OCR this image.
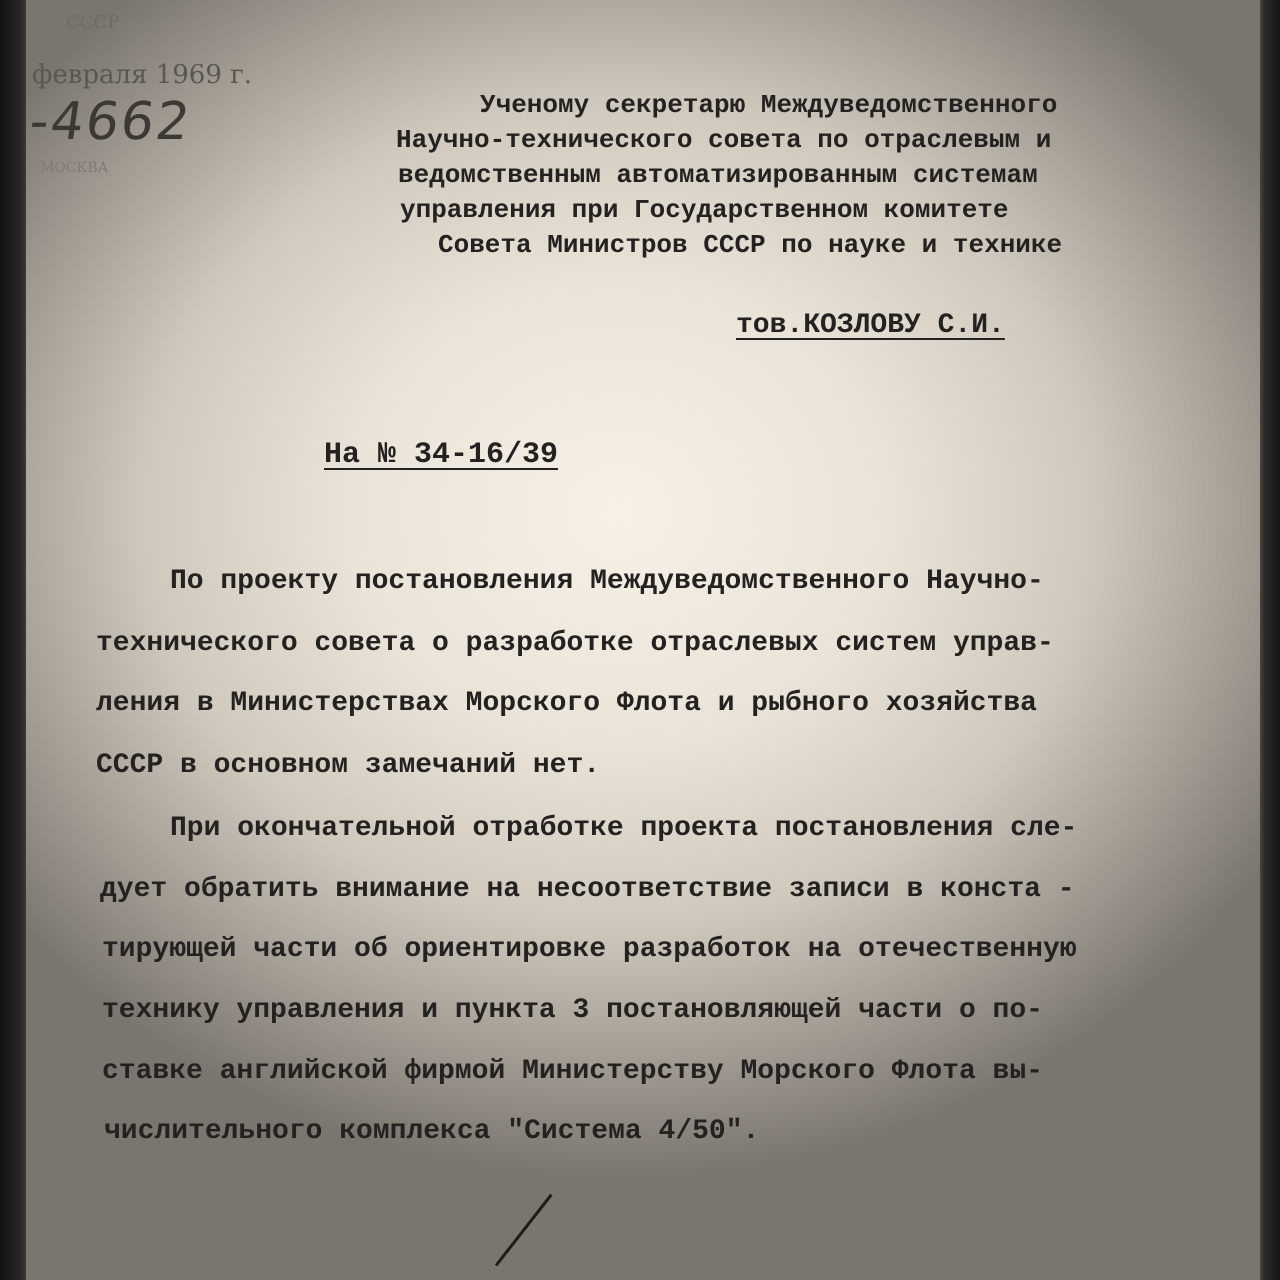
СССР
февраля 1969 г.
-4662
МОСКВА
Ученому секретарю Междуведомственного
Научно-технического совета по отраслевым и
ведомственным автоматизированным системам
управления при Государственном комитете
Совета Министров СССР по науке и технике
тов.КОЗЛОВУ С.И.
На № 34-16/39
По проекту постановления Междуведомственного Научно-
технического совета о разработке отраслевых систем управ-
ления в Министерствах Морского Флота и рыбного хозяйства
СССР в основном замечаний нет.
При окончательной отработке проекта постановления сле-
дует обратить внимание на несоответствие записи в конста -
тирующей части об ориентировке разработок на отечественную
технику управления и пункта 3 постановляющей части о по-
ставке английской фирмой Министерству Морского Флота вы-
числительного комплекса "Система 4/50".
